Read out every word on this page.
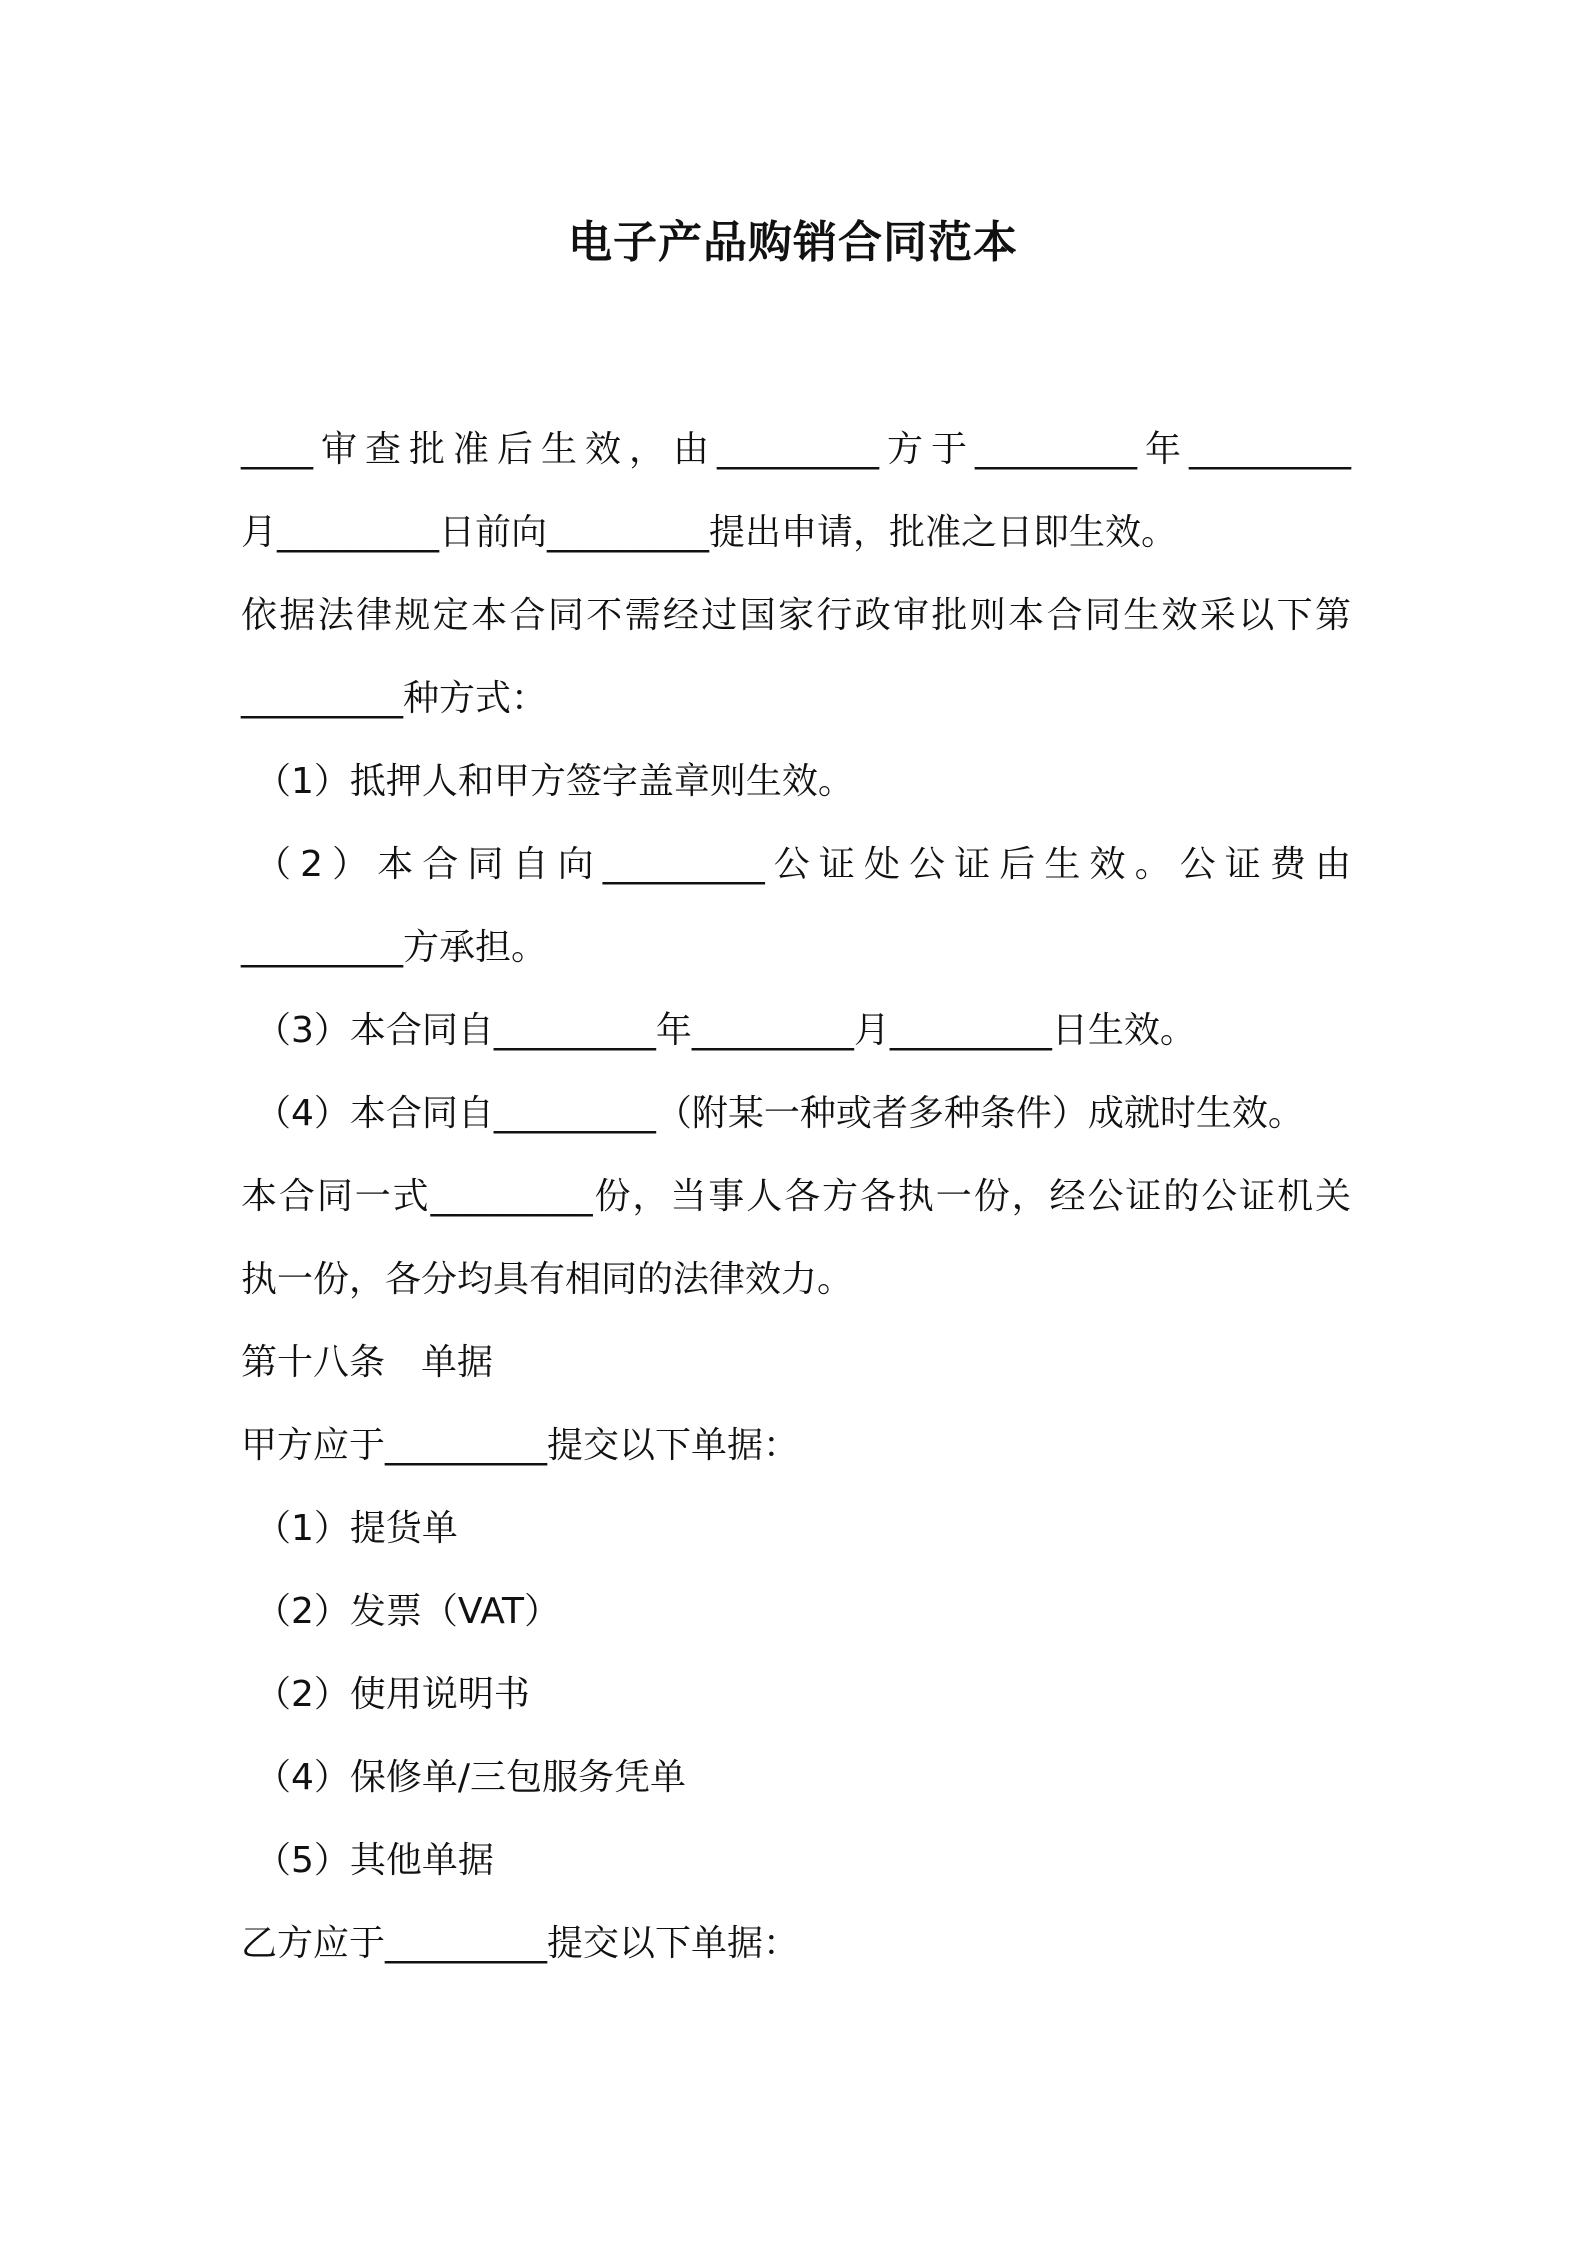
电子产品购销合同范本
____审查批准后生效，由_________方于_________年_________
月_________日前向_________提出申请，批准之日即生效。
依据法律规定本合同不需经过国家行政审批则本合同生效采以下第
_________种方式：
（1）抵押人和甲方签字盖章则生效。
（2）本合同自向_________公证处公证后生效。公证费由
_________方承担。
（3）本合同自_________年_________月_________日生效。
（4）本合同自_________（附某一种或者多种条件）成就时生效。
本合同一式_________份，当事人各方各执一份，经公证的公证机关
执一份，各分均具有相同的法律效力。
第十八条　单据
甲方应于_________提交以下单据：
（1）提货单
（2）发票（VAT）
（2）使用说明书
（4）保修单/三包服务凭单
（5）其他单据
乙方应于_________提交以下单据：
